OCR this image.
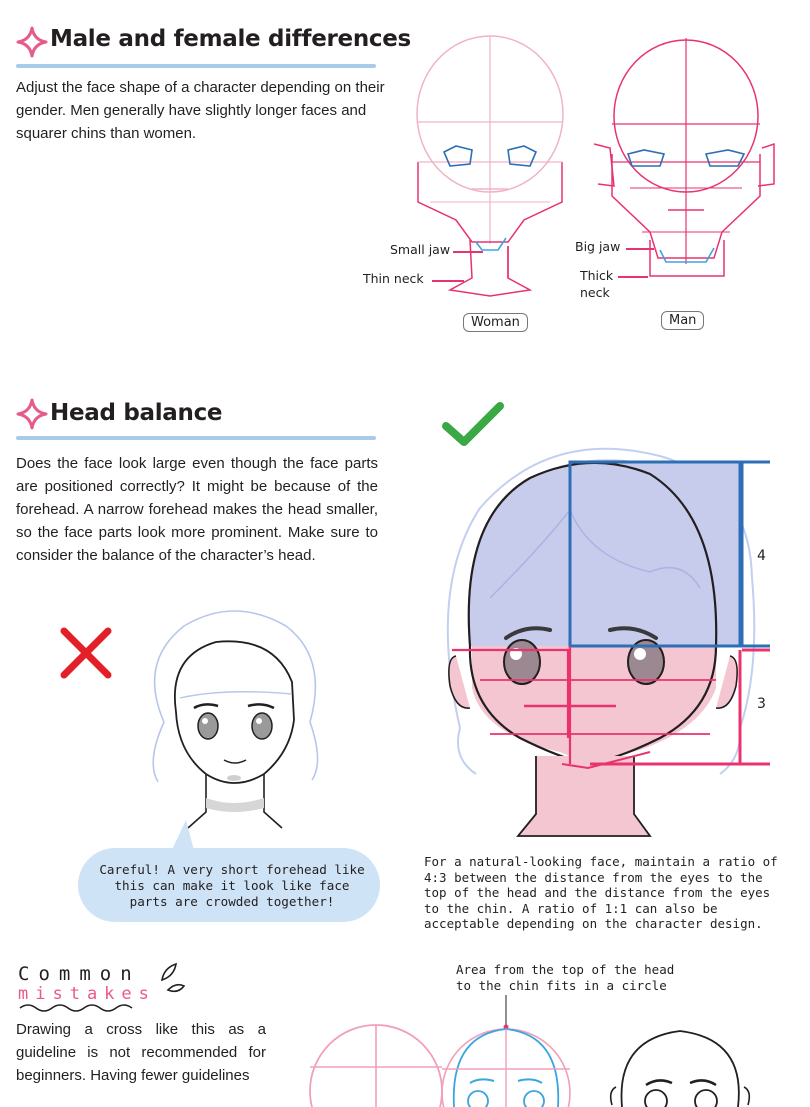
Male and female differences
Adjust the face shape of a character depending on their gender. Men generally have slightly longer faces and squarer chins than women.
Small jaw
Thin neck
Big jaw
Thick
neck
Woman	Man
Head balance
Does the face look large even though the face parts are positioned correctly? It might be because of the forehead. A narrow forehead makes the head smaller, so the face parts look more prominent. Make sure to consider the balance of the character’s head.
Careful! A very short forehead like this can make it look like face parts are crowded together!
4
3
For a natural-looking face, maintain a ratio of 4:3 between the distance from the eyes to the top of the head and the distance from the eyes to the chin. A ratio of 1:1 can also be acceptable depending on the character design.
Common
mistakes
Drawing a cross like this as a guideline is not recommended for beginners. Having fewer guidelines
Area from the top of the head
to the chin fits in a circle
